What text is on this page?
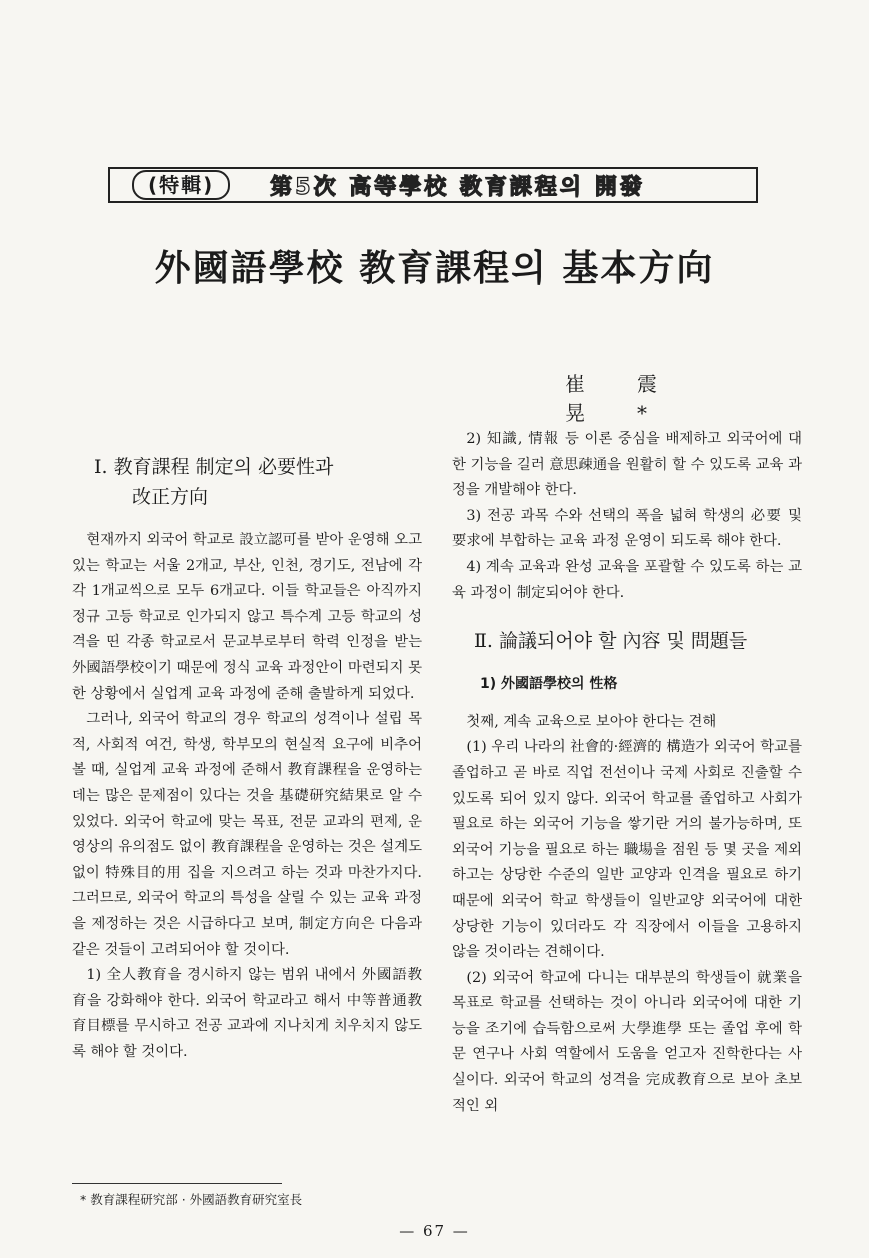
(特輯)	第5次 高等學校 教育課程의 開發
外國語學校 教育課程의 基本方向
崔震晃*
Ⅰ. 教育課程 制定의 必要性과
改正方向

현재까지 외국어 학교로 設立認可를 받아 운영해 오고 있는 학교는 서울 2개교, 부산, 인천, 경기도, 전남에 각각 1개교씩으로 모두 6개교다. 이들 학교들은 아직까지 정규 고등 학교로 인가되지 않고 특수계 고등 학교의 성격을 띤 각종 학교로서 문교부로부터 학력 인정을 받는 外國語學校이기 때문에 정식 교육 과정안이 마련되지 못한 상황에서 실업계 교육 과정에 준해 출발하게 되었다.

그러나, 외국어 학교의 경우 학교의 성격이나 설립 목적, 사회적 여건, 학생, 학부모의 현실적 요구에 비추어 볼 때, 실업계 교육 과정에 준해서 教育課程을 운영하는 데는 많은 문제점이 있다는 것을 基礎研究結果로 알 수 있었다. 외국어 학교에 맞는 목표, 전문 교과의 편제, 운영상의 유의점도 없이 教育課程을 운영하는 것은 설계도 없이 特殊目的用 집을 지으려고 하는 것과 마찬가지다. 그러므로, 외국어 학교의 특성을 살릴 수 있는 교육 과정을 제정하는 것은 시급하다고 보며, 制定方向은 다음과 같은 것들이 고려되어야 할 것이다.

1) 全人教育을 경시하지 않는 범위 내에서 外國語教育을 강화해야 한다. 외국어 학교라고 해서 中等普通教育目標를 무시하고 전공 교과에 지나치게 치우치지 않도록 해야 할 것이다.

2) 知識, 情報 등 이론 중심을 배제하고 외국어에 대한 기능을 길러 意思疎通을 원활히 할 수 있도록 교육 과정을 개발해야 한다.

3) 전공 과목 수와 선택의 폭을 넓혀 학생의 必要 및 要求에 부합하는 교육 과정 운영이 되도록 해야 한다.

4) 계속 교육과 완성 교육을 포괄할 수 있도록 하는 교육 과정이 制定되어야 한다.

Ⅱ. 論議되어야 할 內容 및 問題들
1) 外國語學校의 性格

첫째, 계속 교육으로 보아야 한다는 견해

(1) 우리 나라의 社會的·經濟的 構造가 외국어 학교를 졸업하고 곧 바로 직업 전선이나 국제 사회로 진출할 수 있도록 되어 있지 않다. 외국어 학교를 졸업하고 사회가 필요로 하는 외국어 기능을 쌓기란 거의 불가능하며, 또 외국어 기능을 필요로 하는 職場을 점원 등 몇 곳을 제외하고는 상당한 수준의 일반 교양과 인격을 필요로 하기 때문에 외국어 학교 학생들이 일반교양 외국어에 대한 상당한 기능이 있더라도 각 직장에서 이들을 고용하지 않을 것이라는 견해이다.

(2) 외국어 학교에 다니는 대부분의 학생들이 就業을 목표로 학교를 선택하는 것이 아니라 외국어에 대한 기능을 조기에 습득함으로써 大學進學 또는 졸업 후에 학문 연구나 사회 역할에서 도움을 얻고자 진학한다는 사실이다. 외국어 학교의 성격을 完成教育으로 보아 초보적인 외

* 教育課程研究部 · 外國語教育研究室長
— 67 —
